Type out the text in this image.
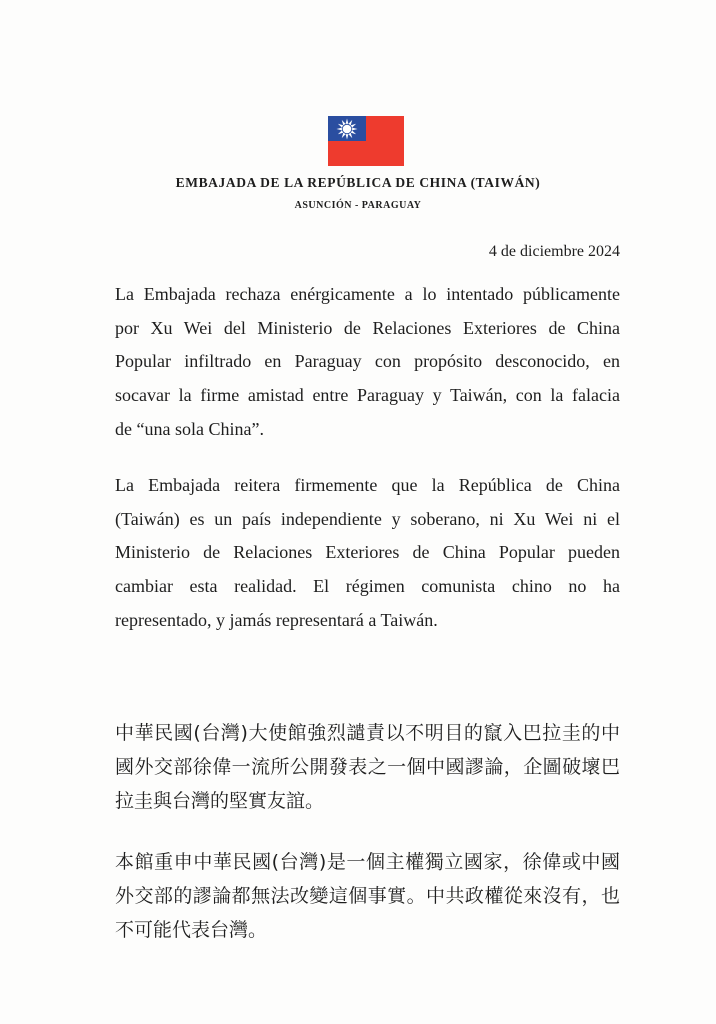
EMBAJADA DE LA REPÚBLICA DE CHINA (TAIWÁN)
ASUNCIÓN - PARAGUAY
4 de diciembre 2024
La Embajada rechaza enérgicamente a lo intentado públicamente
por Xu Wei del Ministerio de Relaciones Exteriores de China
Popular infiltrado en Paraguay con propósito desconocido, en
socavar la firme amistad entre Paraguay y Taiwán, con la falacia
de “una sola China”.
La Embajada reitera firmemente que la República de China
(Taiwán) es un país independiente y soberano, ni Xu Wei ni el
Ministerio de Relaciones Exteriores de China Popular pueden
cambiar esta realidad. El régimen comunista chino no ha
representado, y jamás representará a Taiwán.
中華民國(台灣)大使館強烈譴責以不明目的竄入巴拉圭的中
國外交部徐偉一流所公開發表之一個中國謬論，企圖破壞巴
拉圭與台灣的堅實友誼。
本館重申中華民國(台灣)是一個主權獨立國家，徐偉或中國
外交部的謬論都無法改變這個事實。中共政權從來沒有，也
不可能代表台灣。
